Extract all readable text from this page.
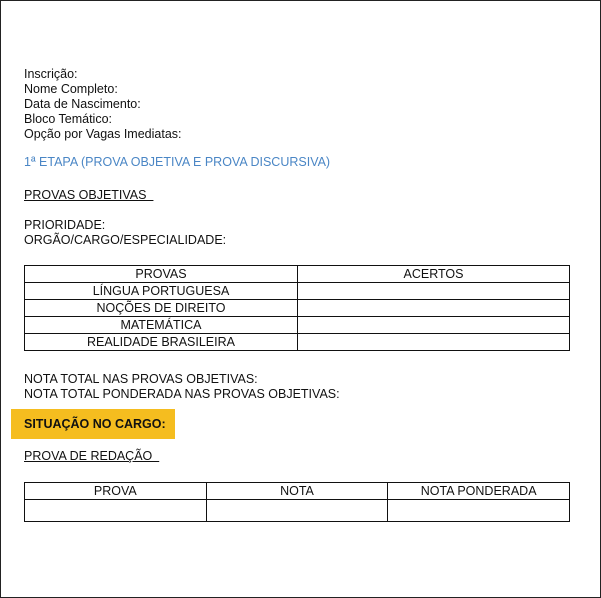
Inscrição:
Nome Completo:
Data de Nascimento:
Bloco Temático:
Opção por Vagas Imediatas:
1ª ETAPA (PROVA OBJETIVA E PROVA DISCURSIVA)
PROVAS OBJETIVAS
PRIORIDADE:
ORGÃO/CARGO/ESPECIALIDADE:
PROVAS	ACERTOS
LÍNGUA PORTUGUESA	
NOÇÕES DE DIREITO	
MATEMÁTICA	
REALIDADE BRASILEIRA	
NOTA TOTAL NAS PROVAS OBJETIVAS:
NOTA TOTAL PONDERADA NAS PROVAS OBJETIVAS:
SITUAÇÃO NO CARGO:
PROVA DE REDAÇÃO
PROVA	NOTA	NOTA PONDERADA
